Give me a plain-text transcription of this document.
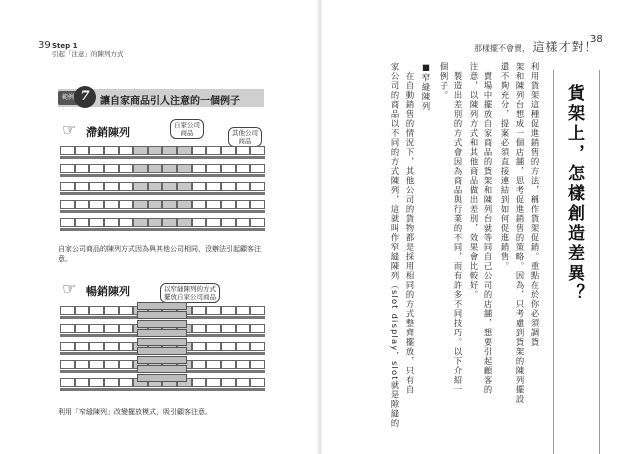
39 Step 1
引起「注意」的陳列方式
範例 7	讓自家商品引人注意的一個例子
☞ 滯銷陳列
自家公司
商品	其他公司
商品
自家公司商品的陳列方式因為與其他公司相同，沒辦法引起顧客注意。
☞ 暢銷陳列	以窄縫陳列的方式
擺放自家公司商品
利用「窄縫陳列」改變擺放模式，吸引顧客注意。
那樣擺不會賣， 這樣才對！
38
貨架上，怎樣創造差異？
利用貨架這種促進銷售的方法，稱作貨架促銷。重點在於你必須調貨
架和陳列台想成一個店舖，思考促進銷售的策略。因為，只考慮到貨架的陳列擺設
還不夠充分，提案必須直接連結到如何促進銷售。
　賣場中擺放自家商品的貨架和陳列台就等同自己公司的店舖，想要引起顧客的
注意，以陳列方式和其他商品做出差別，效果會比較好。
　製造出差別的方式會因為商品與行業的不同，而有許多不同技巧。以下介紹一
個例子。
■窄縫陳列
　在自動銷售的情況下，其他公司的貨物都是採用相同的方式整齊擺放，只有自
家公司的商品以不同的方式陳列，這就叫作窄縫陳列（slot display，slot就是隙縫的
